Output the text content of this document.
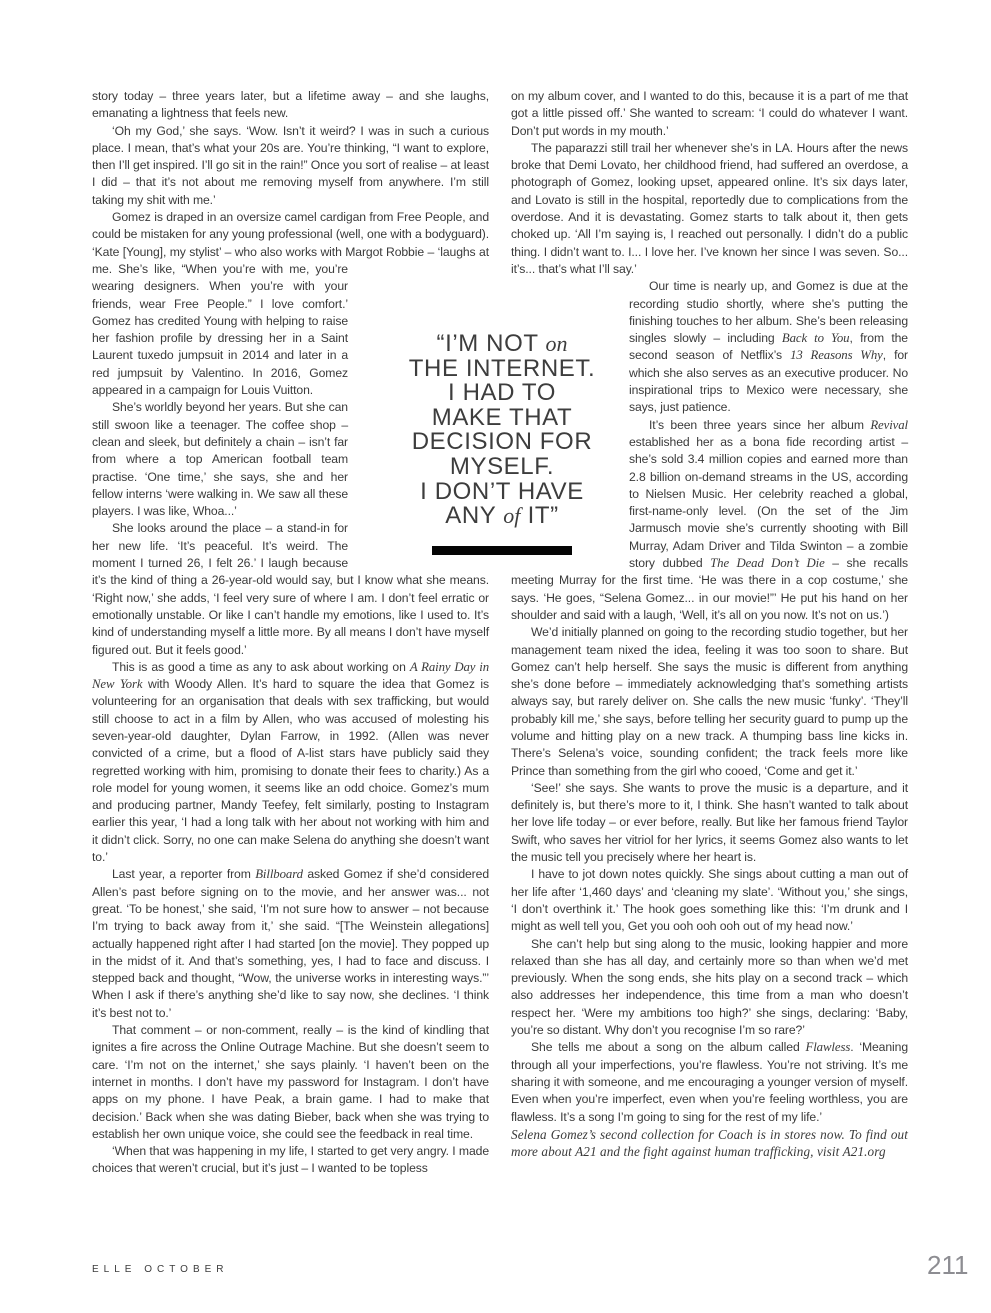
story today – three years later, but a lifetime away – and she laughs, emanating a lightness that feels new.

‘Oh my God,’ she says. ‘Wow. Isn’t it weird? I was in such a curious place. I mean, that’s what your 20s are. You’re thinking, “I want to explore, then I’ll get inspired. I’ll go sit in the rain!” Once you sort of realise – at least I did – that it’s not about me removing myself from anywhere. I’m still taking my shit with me.’

Gomez is draped in an oversize camel cardigan from Free People, and could be mistaken for any young professional (well, one with a bodyguard). ‘Kate [Young], my stylist’ – who also works with Margot Robbie – ‘laughs at me. She’s like, “When you’re with me, you’re wearing designers. When you’re with your friends, wear Free People.” I love comfort.’ Gomez has credited Young with helping to raise her fashion profile by dressing her in a Saint Laurent tuxedo jumpsuit in 2014 and later in a red jumpsuit by Valentino. In 2016, Gomez appeared in a campaign for Louis Vuitton.

She’s worldly beyond her years. But she can still swoon like a teenager. The coffee shop – clean and sleek, but definitely a chain – isn’t far from where a top American football team practise. ‘One time,’ she says, she and her fellow interns ‘were walking in. We saw all these players. I was like, Whoa...’

She looks around the place – a stand-in for her new life. ‘It’s peaceful. It’s weird. The moment I turned 26, I felt 26.’ I laugh because it’s the kind of thing a 26-year-old would say, but I know what she means. ‘Right now,’ she adds, ‘I feel very sure of where I am. I don’t feel erratic or emotionally unstable. Or like I can’t handle my emotions, like I used to. It’s kind of understanding myself a little more. By all means I don’t have myself figured out. But it feels good.’

This is as good a time as any to ask about working on A Rainy Day in New York with Woody Allen. It’s hard to square the idea that Gomez is volunteering for an organisation that deals with sex trafficking, but would still choose to act in a film by Allen, who was accused of molesting his seven-year-old daughter, Dylan Farrow, in 1992. (Allen was never convicted of a crime, but a flood of A-list stars have publicly said they regretted working with him, promising to donate their fees to charity.) As a role model for young women, it seems like an odd choice. Gomez’s mum and producing partner, Mandy Teefey, felt similarly, posting to Instagram earlier this year, ‘I had a long talk with her about not working with him and it didn’t click. Sorry, no one can make Selena do anything she doesn’t want to.’

Last year, a reporter from Billboard asked Gomez if she’d considered Allen’s past before signing on to the movie, and her answer was... not great. ‘To be honest,’ she said, ‘I’m not sure how to answer – not because I’m trying to back away from it,’ she said. “[The Weinstein allegations] actually happened right after I had started [on the movie]. They popped up in the midst of it. And that’s something, yes, I had to face and discuss. I stepped back and thought, “Wow, the universe works in interesting ways.”’ When I ask if there’s anything she’d like to say now, she declines. ‘I think it’s best not to.’

That comment – or non-comment, really – is the kind of kindling that ignites a fire across the Online Outrage Machine. But she doesn’t seem to care. ‘I’m not on the internet,’ she says plainly. ‘I haven’t been on the internet in months. I don’t have my password for Instagram. I don’t have apps on my phone. I have Peak, a brain game. I had to make that decision.’ Back when she was dating Bieber, back when she was trying to establish her own unique voice, she could see the feedback in real time.

‘When that was happening in my life, I started to get very angry. I made choices that weren’t crucial, but it’s just – I wanted to be topless

on my album cover, and I wanted to do this, because it is a part of me that got a little pissed off.’ She wanted to scream: ‘I could do whatever I want. Don’t put words in my mouth.’

The paparazzi still trail her whenever she’s in LA. Hours after the news broke that Demi Lovato, her childhood friend, had suffered an overdose, a photograph of Gomez, looking upset, appeared online. It’s six days later, and Lovato is still in the hospital, reportedly due to complications from the overdose. And it is devastating. Gomez starts to talk about it, then gets choked up. ‘All I’m saying is, I reached out personally. I didn’t do a public thing. I didn’t want to. I... I love her. I’ve known her since I was seven. So... it’s... that’s what I’ll say.’

Our time is nearly up, and Gomez is due at the recording studio shortly, where she’s putting the finishing touches to her album. She’s been releasing singles slowly – including Back to You, from the second season of Netflix’s 13 Reasons Why, for which she also serves as an executive producer. No inspirational trips to Mexico were necessary, she says, just patience.

It’s been three years since her album Revival established her as a bona fide recording artist – she’s sold 3.4 million copies and earned more than 2.8 billion on-demand streams in the US, according to Nielsen Music. Her celebrity reached a global, first-name-only level. (On the set of the Jim Jarmusch movie she’s currently shooting with Bill Murray, Adam Driver and Tilda Swinton – a zombie story dubbed The Dead Don’t Die – she recalls meeting Murray for the first time. ‘He was there in a cop costume,’ she says. ‘He goes, “Selena Gomez... in our movie!”’ He put his hand on her shoulder and said with a laugh, ‘Well, it’s all on you now. It’s not on us.’)

We’d initially planned on going to the recording studio together, but her management team nixed the idea, feeling it was too soon to share. But Gomez can’t help herself. She says the music is different from anything she’s done before – immediately acknowledging that’s something artists always say, but rarely deliver on. She calls the new music ‘funky’. ‘They’ll probably kill me,’ she says, before telling her security guard to pump up the volume and hitting play on a new track. A thumping bass line kicks in. There’s Selena’s voice, sounding confident; the track feels more like Prince than something from the girl who cooed, ‘Come and get it.’

‘See!’ she says. She wants to prove the music is a departure, and it definitely is, but there’s more to it, I think. She hasn’t wanted to talk about her love life today – or ever before, really. But like her famous friend Taylor Swift, who saves her vitriol for her lyrics, it seems Gomez also wants to let the music tell you precisely where her heart is.

I have to jot down notes quickly. She sings about cutting a man out of her life after ‘1,460 days’ and ‘cleaning my slate’. ‘Without you,’ she sings, ‘I don’t overthink it.’ The hook goes something like this: ‘I’m drunk and I might as well tell you, Get you ooh ooh ooh out of my head now.’

She can’t help but sing along to the music, looking happier and more relaxed than she has all day, and certainly more so than when we’d met previously. When the song ends, she hits play on a second track – which also addresses her independence, this time from a man who doesn’t respect her. ‘Were my ambitions too high?’ she sings, declaring: ‘Baby, you’re so distant. Why don’t you recognise I’m so rare?’

She tells me about a song on the album called Flawless. ‘Meaning through all your imperfections, you’re flawless. You’re not striving. It’s me sharing it with someone, and me encouraging a younger version of myself. Even when you’re imperfect, even when you’re feeling worthless, you are flawless. It’s a song I’m going to sing for the rest of my life.’

Selena Gomez’s second collection for Coach is in stores now. To find out more about A21 and the fight against human trafficking, visit A21.org

“I’M NOT on
THE INTERNET.
I HAD TO
MAKE THAT
DECISION FOR
MYSELF.
I DON’T HAVE
ANY of IT”
ELLE OCTOBER	211
